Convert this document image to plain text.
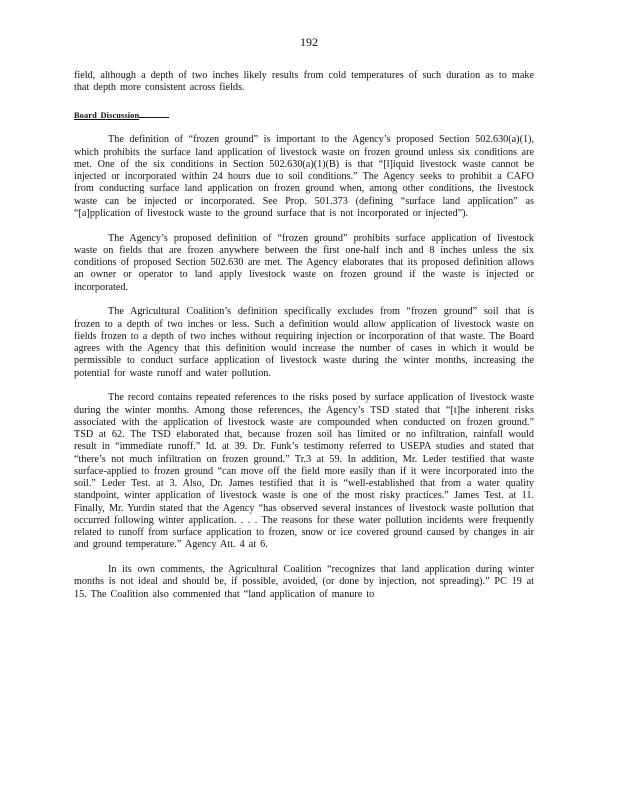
192

field, although a depth of two inches likely results from cold temperatures of such duration as to make that depth more consistent across fields.

Board Discussion

The definition of “frozen ground” is important to the Agency’s proposed Section 502.630(a)(1), which prohibits the surface land application of livestock waste on frozen ground unless six conditions are met. One of the six conditions in Section 502.630(a)(1)(B) is that “[l]iquid livestock waste cannot be injected or incorporated within 24 hours due to soil conditions.” The Agency seeks to prohibit a CAFO from conducting surface land application on frozen ground when, among other conditions, the livestock waste can be injected or incorporated. See Prop. 501.373 (defining “surface land application” as “[a]pplication of livestock waste to the ground surface that is not incorporated or injected”).

The Agency’s proposed definition of “frozen ground” prohibits surface application of livestock waste on fields that are frozen anywhere between the first one-half inch and 8 inches unless the six conditions of proposed Section 502.630 are met. The Agency elaborates that its proposed definition allows an owner or operator to land apply livestock waste on frozen ground if the waste is injected or incorporated.

The Agricultural Coalition’s definition specifically excludes from “frozen ground” soil that is frozen to a depth of two inches or less. Such a definition would allow application of livestock waste on fields frozen to a depth of two inches without requiring injection or incorporation of that waste. The Board agrees with the Agency that this definition would increase the number of cases in which it would be permissible to conduct surface application of livestock waste during the winter months, increasing the potential for waste runoff and water pollution.

The record contains repeated references to the risks posed by surface application of livestock waste during the winter months. Among those references, the Agency’s TSD stated that “[t]he inherent risks associated with the application of livestock waste are compounded when conducted on frozen ground.” TSD at 62. The TSD elaborated that, because frozen soil has limited or no infiltration, rainfall would result in “immediate runoff.” Id. at 39. Dr. Funk’s testimony referred to USEPA studies and stated that “there’s not much infiltration on frozen ground.” Tr.3 at 59. In addition, Mr. Leder testified that waste surface-applied to frozen ground “can move off the field more easily than if it were incorporated into the soil.” Leder Test. at 3. Also, Dr. James testified that it is “well-established that from a water quality standpoint, winter application of livestock waste is one of the most risky practices.” James Test. at 11. Finally, Mr. Yurdin stated that the Agency “has observed several instances of livestock waste pollution that occurred following winter application. . . . The reasons for these water pollution incidents were frequently related to runoff from surface application to frozen, snow or ice covered ground caused by changes in air and ground temperature.” Agency Att. 4 at 6.

In its own comments, the Agricultural Coalition “recognizes that land application during winter months is not ideal and should be, if possible, avoided, (or done by injection, not spreading).” PC 19 at 15. The Coalition also commented that “land application of manure to
